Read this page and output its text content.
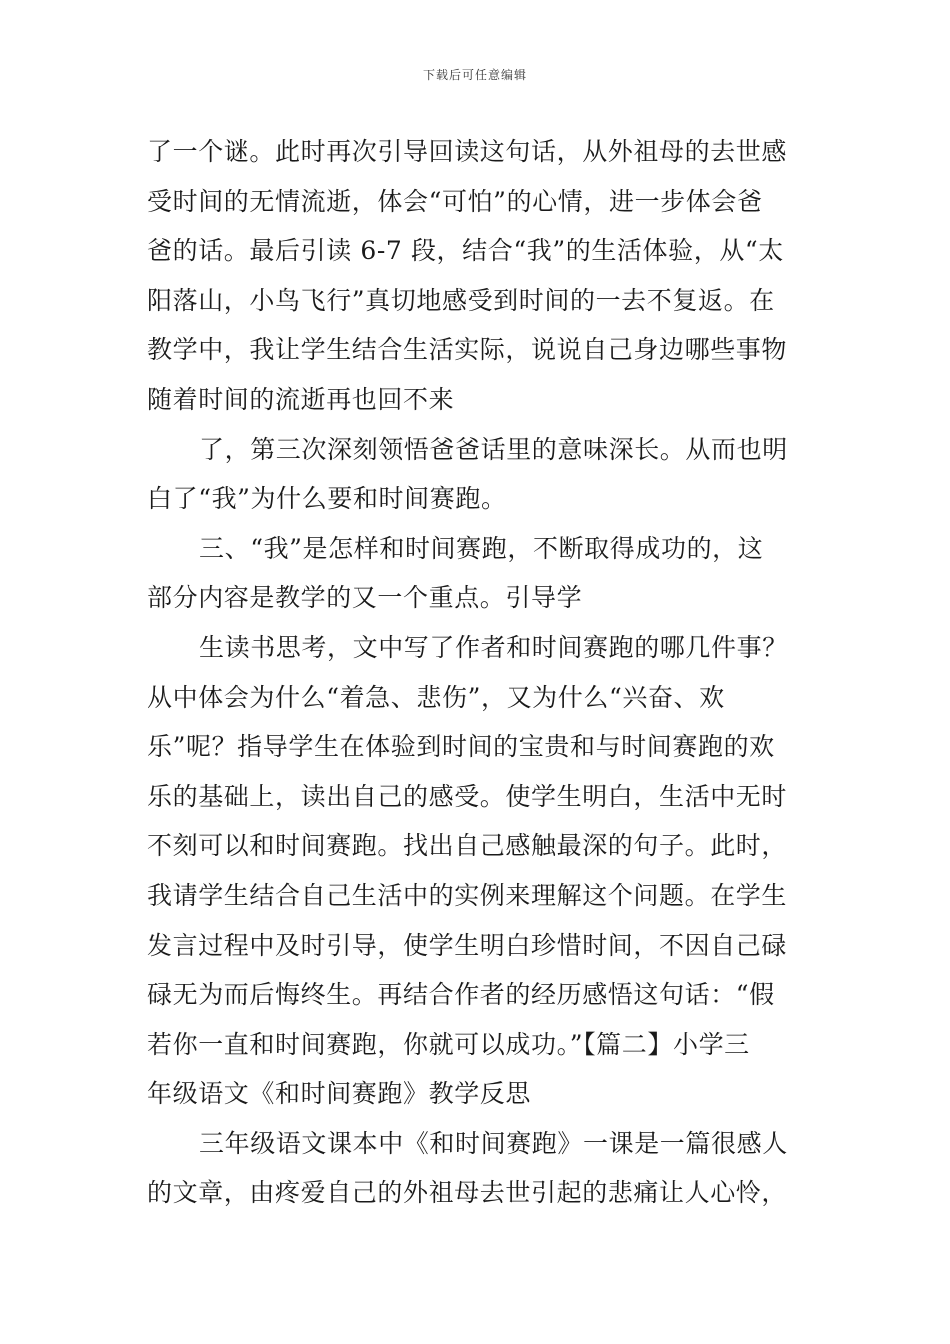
下载后可任意编辑
了一个谜。此时再次引导回读这句话，从外祖母的去世感
受时间的无情流逝，体会“可怕”的心情，进一步体会爸
爸的话。最后引读 6-7 段，结合“我”的生活体验，从“太
阳落山，小鸟飞行”真切地感受到时间的一去不复返。在
教学中，我让学生结合生活实际，说说自己身边哪些事物
随着时间的流逝再也回不来
了，第三次深刻领悟爸爸话里的意味深长。从而也明
白了“我”为什么要和时间赛跑。
三、“我”是怎样和时间赛跑，不断取得成功的，这
部分内容是教学的又一个重点。引导学
生读书思考，文中写了作者和时间赛跑的哪几件事？
从中体会为什么“着急、悲伤”，又为什么“兴奋、欢
乐”呢？指导学生在体验到时间的宝贵和与时间赛跑的欢
乐的基础上，读出自己的感受。使学生明白，生活中无时
不刻可以和时间赛跑。找出自己感触最深的句子。此时，
我请学生结合自己生活中的实例来理解这个问题。在学生
发言过程中及时引导，使学生明白珍惜时间，不因自己碌
碌无为而后悔终生。再结合作者的经历感悟这句话：“假
若你一直和时间赛跑，你就可以成功。”【篇二】小学三
年级语文《和时间赛跑》教学反思
三年级语文课本中《和时间赛跑》一课是一篇很感人
的文章，由疼爱自己的外祖母去世引起的悲痛让人心怜，
